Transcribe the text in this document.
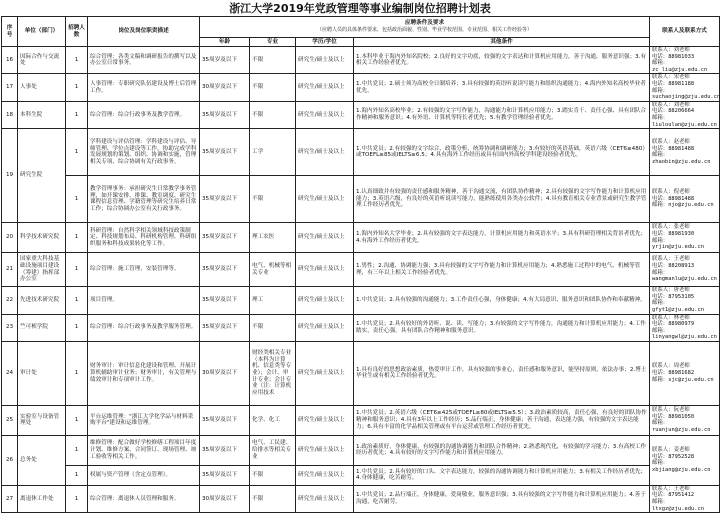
浙江大学2019年党政管理等事业编制岗位招聘计划表
序号	单位（部门）	招聘人数	岗位及岗位职责描述	应聘条件及要求
（应聘人员的具体条件要求，包括政治面貌、性别、毕业学校范围、专业范围、相关工作经验等）				联系人及联系方式
				年龄	专业	学历/学位	其他条件	
16	国际合作与交流处	1	综合管理：各类文稿和调研报告的撰写以及办公室日常事务。	35周岁及以下	不限	研究生/硕士及以上	1.本科毕业于海内外知名院校；2.良好的文字功底，较强的文字表达和计算机应用能力，善于沟通，服务意识强；3.有相关工作经验者优先。	联系人：刘老师
电话：88981033
邮箱：zc_liu@zju.edu.cn

17	人事处	1	人事管理：专职研究队伍建设及博士后管理工作。	30周岁及以下	不限	研究生/硕士及以上	1.中共党员；2.硕士须为高校全日制培养；3.具有较强的英语听说读写能力和组织沟通能力；4.海内外知名高校毕业者优先。	联系人：宋老师
电话：88981188
邮箱：suchaojing@zju.edu.cn

18	本科生院	1	综合管理：综合行政事务及教学管理。	35周岁及以下	不限	研究生/硕士及以上	1.海内外知名高校毕业；2.有较强的文字写作能力，沟通能力和计算机应用能力；3.踏实肯干、责任心强、具有团队合作精神和服务意识；4.有外语、计算机等特长者优先；5.有教学管理经验者优先。	联系人：刘老师
电话：88206664
邮箱：liuloulan@zju.edu.cn

19	研究生院	1	学科建设与评估管理：学科建设与评估、导师管理、学位点建设等工作，协助完成学科发展规划的策划、组织、协调和实施，管理相关专项，综合协调有关行政事务。	35周岁及以下	工学	研究生/硕士及以上	1.中共党员；2.有较强的文字综合、政策分析、统筹协调和调研能力；3.有较好的英语基础，英语六级（CET6≥480）或TOEFL≥85或IELTS≥6.5；4.具有海外工作经历或具有国内外高校学科建设经验者优先。	联系人：赵老师
电话：88981488
邮箱：zhaobin@zju.edu.cn

		1	教学管理事务：承担研究生日常教学事务管理，如开课安排、排课、教室调度、研究生课程信息管理、学籍管理等研究生培养日常工作；综合协调办公室有关行政事务。	35周岁及以下	不限	研究生/硕士及以上	1.认真细致并有较强的责任感和服务精神，善于沟通交流，有团队协作精神；2.具有较强的文字写作能力和计算机应用能力；3.英语六级，有良好的英语听说读写能力，能熟练使用各类办公软件；4.具有教育相关专业背景或研究生教学管理工作经历者优先。	联系人：倪老师
电话：88981488
邮箱：njo@zju.edu.cn

20	科学技术研究院	1	科研管理：自然科学相关领域科技政策制定、科技规划布局、科研机构管理、科研组织服务和科技成果转化等工作。	35周岁及以下	理工农医	研究生/硕士及以上	1.海内外知名大学毕业；2.具有较强的文字表达能力，计算机应用能力和英语水平；3.具有科研管理相关背景者优先；4.有海外工作经历者优先。	联系人：张老师
电话：88981930
邮箱：yrjin@zju.edu.cn

21	国家重大科技基础设施项目建设（筹建）指挥部办公室	1	综合管理：施工管理、安装管理等。	35周岁及以下	电气、机械等相关专业	研究生/硕士及以上	1.男性；2.沟通、协调能力强；3.具有较强的文字写作能力和计算机应用能力；4.熟悉施工过程中的电气、机械等管理，有三年以上相关工作经验者优先。	联系人：王老师
电话：88208913
邮箱：wangmanlu@zju.edu.cn

22	先进技术研究院	1	项目管理。	35周岁及以下	理工	研究生/硕士及以上	1.中共党员；2.具有较强的沟通能力；3.工作责任心强，身体健康；4.有大局意识、服务意识和团队协作和奉献精神。	联系人：唐老师
电话：87953105
邮箱：gfyt1@zju.edu.cn

23	竺可桢学院	1	综合管理：综合行政事务及教学服务管理。	35周岁及以下	不限	研究生/硕士及以上	1.中共党员；2.具有较好的外语听、说、读、写能力；3.有较强的文字写作能力，沟通能力和计算机应用能力；4.工作踏实，责任心强，具有团队合作精神和服务意识。	联系人：林老师
电话：88980979
邮箱：linyangwl@zju.edu.cn

24	审计处	1	财务审计：审计信息化建设和管理、开展计算机辅助审计业务；财务审计，有关管理与绩效审计和专项审计工作。	30周岁及以下	财经类相关专业（本科为计算机、信息类等专业）；会计、审计专业；会计专业（注：计算机应用技术	研究生/硕士及以上	1.具有良好的思想政治素质，热爱审计工作，具有较强的事业心，责任感和服务意识，能坚持原则，依法办事；2.博士毕业生或有相关工作经验者优先。	联系人：周老师
电话：88981682
邮箱：sjc@zju.edu.cn

25	实验室与设备管理处	1	平台运维管理："浙江大学化学品与材料采购平台"建设和运维管理。	35周岁及以下	化学、化工	研究生/硕士及以上	1.中共党员；2.英语六级（CET6≥425或TOEFL≥80或IELTS≥5.5）；3.政治素质较高，责任心强，有良好的团队协作精神和服务意识；4.具有3年以上工作经历；5.品行端正，身体健康；善于沟通，表达能力强，有较强的文字表达能力；6.具有丰富的化学品相关管理或有平台运营或管理工作经历者优先。	联系人：阮老师
电话：88981050
邮箱：ruanjun@zju.edu.cn

26	总务处	1	维修管理：配合做好学校修缮工程项目年度计划、维修方案、合同签订、现场管理、竣工验收等相关工作。	35周岁及以下	电气、工民建、给排水等相关专业	研究生/硕士及以上	1.政治素质好，身体健康，有较强的沟通协调能力和团队合作精神；2.熟悉现代化，有较强的学习能力；3.有高校工作经历者优先；4.具有较好的文字写作能力和计算机应用能力。	联系人：姜老师
电话：87952528
邮箱：xbjiang@zju.edu.cn

		1	权属与资产管理（含定点管理）。	35周岁及以下	不限	研究生/硕士及以上	1.中共党员；2.具有较好的口头、文字表达能力，较强的沟通协调能力和计算机应用能力；3.有相关工作经历者优先；4.身体健康，吃苦耐劳。	
27	离退休工作处	1	综合管理：离退休人员管理和服务。	30周岁及以下	不限	研究生/硕士及以上	1.中共党员；2.品行端正，身体健康，爱岗敬业，服务意识强；3.具有较强的文字写作能力和计算机应用能力；4.善于沟通，吃苦耐劳。	联系人：王老师
电话：87951412
邮箱：ltxgz@zju.edu.cn
